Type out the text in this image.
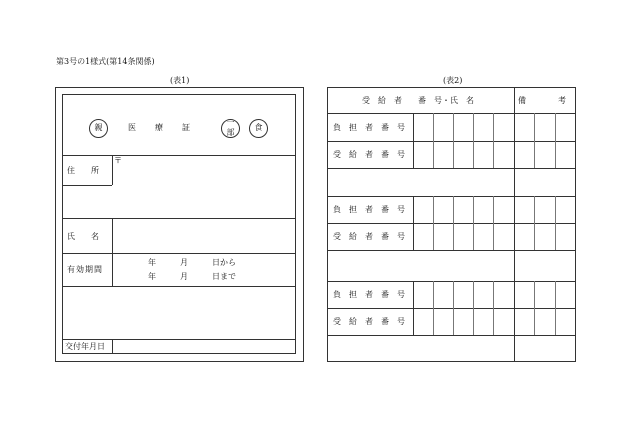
第3号の1様式(第14条関係)
(表1)
親	医　　療　　証
一
部
食
〒
住　　所
氏　　名
有効期間
年　　　月　　　日から
年　　　月　　　日まで
交付年月日
(表2)
受　給　者　　番　号・氏　名	備　　　　考
負　担　者　番　号
受　給　者　番　号
負　担　者　番　号
受　給　者　番　号
負　担　者　番　号
受　給　者　番　号
